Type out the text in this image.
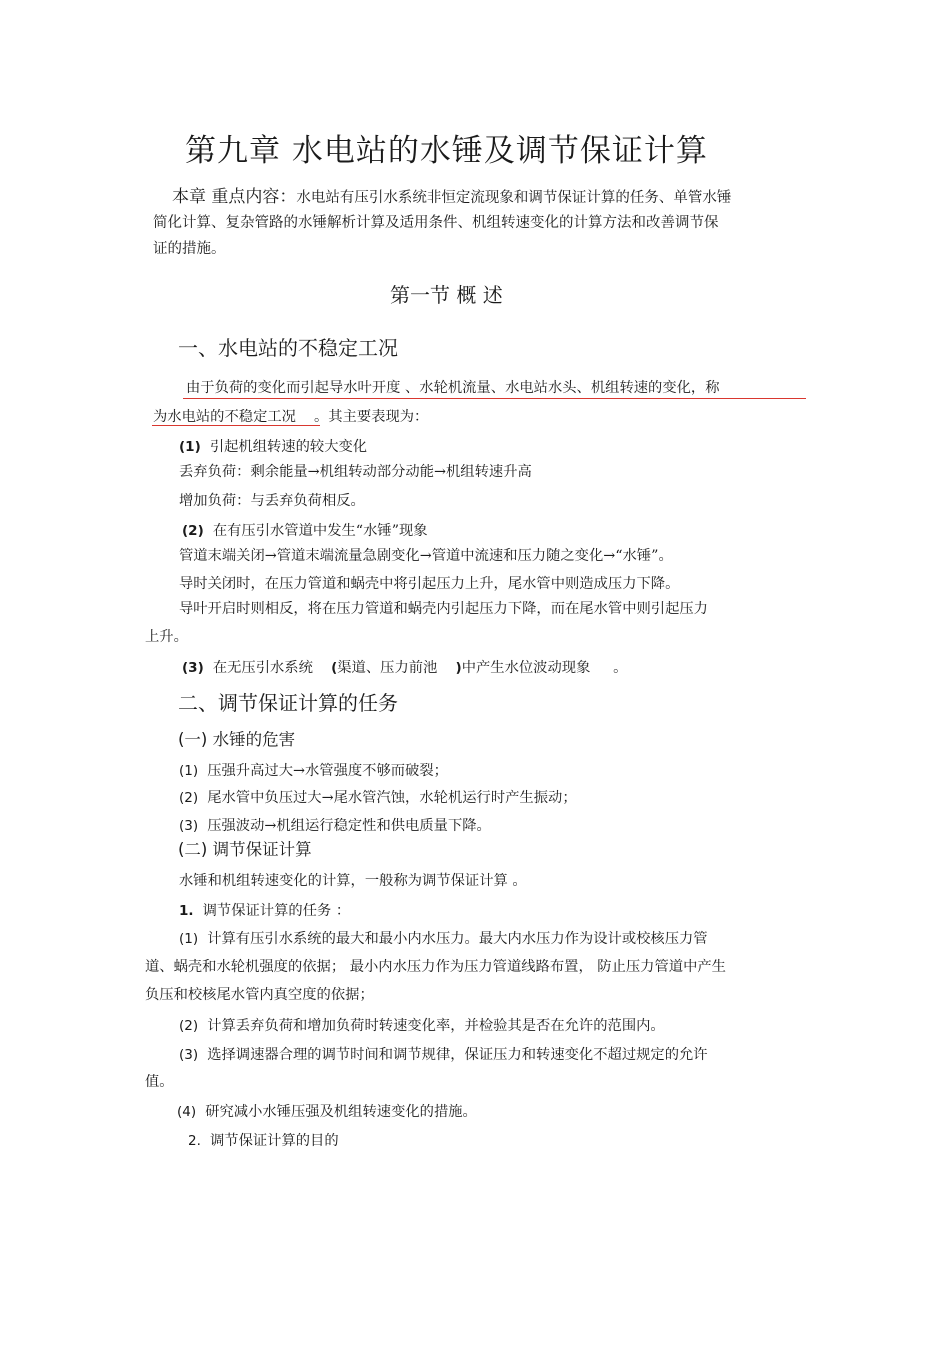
第九章 水电站的水锤及调节保证计算
本章 重点内容：水电站有压引水系统非恒定流现象和调节保证计算的任务、单管水锤
简化计算、复杂管路的水锤解析计算及适用条件、机组转速变化的计算方法和改善调节保
证的措施。
第一节 概 述
一、水电站的不稳定工况
由于负荷的变化而引起导水叶开度 、水轮机流量、水电站水头、机组转速的变化，称
为水电站的不稳定工况 。其主要表现为：
(1) 引起机组转速的较大变化
丢弃负荷：剩余能量→机组转动部分动能→机组转速升高
增加负荷：与丢弃负荷相反。
(2) 在有压引水管道中发生“水锤”现象
管道末端关闭→管道末端流量急剧变化→管道中流速和压力随之变化→“水锤”。
导时关闭时，在压力管道和蜗壳中将引起压力上升，尾水管中则造成压力下降。
导叶开启时则相反，将在压力管道和蜗壳内引起压力下降，而在尾水管中则引起压力
上升。
(3) 在无压引水系统 (渠道、压力前池 )中产生水位波动现象 。
二、调节保证计算的任务
(一) 水锤的危害
(1) 压强升高过大→水管强度不够而破裂；
(2) 尾水管中负压过大→尾水管汽蚀，水轮机运行时产生振动；
(3) 压强波动→机组运行稳定性和供电质量下降。
(二) 调节保证计算
水锤和机组转速变化的计算，一般称为调节保证计算 。
1. 调节保证计算的任务 ：
(1) 计算有压引水系统的最大和最小内水压力。最大内水压力作为设计或校核压力管
道、蜗壳和水轮机强度的依据； 最小内水压力作为压力管道线路布置， 防止压力管道中产生
负压和校核尾水管内真空度的依据；
(2) 计算丢弃负荷和增加负荷时转速变化率，并检验其是否在允许的范围内。
(3) 选择调速器合理的调节时间和调节规律，保证压力和转速变化不超过规定的允许
值。
(4) 研究减小水锤压强及机组转速变化的措施。
2. 调节保证计算的目的
